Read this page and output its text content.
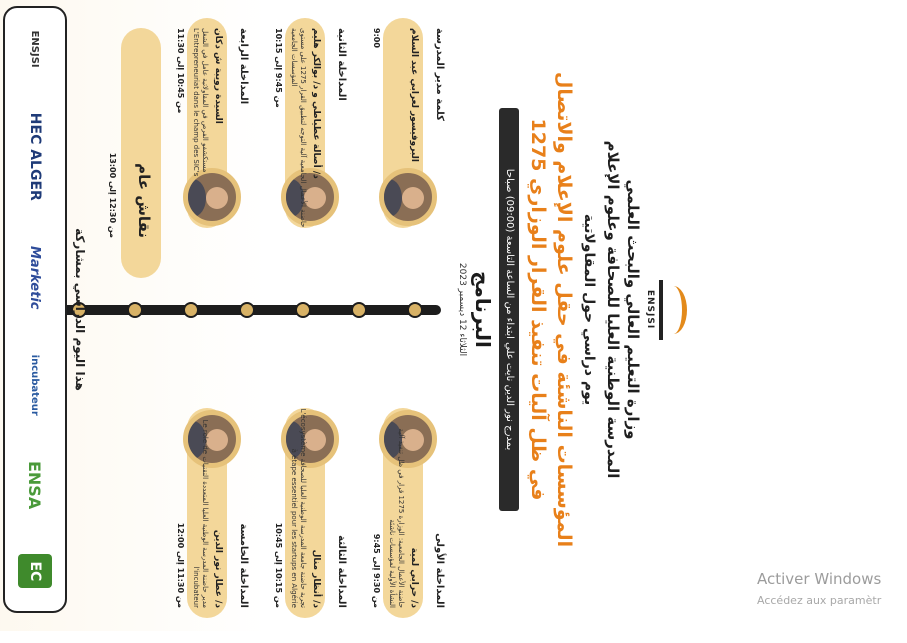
ENSJSI
وزارة التعليم العالي والبحث العلمي
المدرسة الوطنية العليا للصحافة وعلوم الإعلام
يوم دراسي حول المقاولاتية
المؤسسات الناشئة في حقل علوم الإعلام والاتصال
في ظل آليات تنفيذ القرار الوزاري 1275
بمدرج نور الدين نايت علي ابتداء من الساعة التاسعة (09:00) صباحا
البرنامج
الثلاثاء 12 ديسمبر 2023
كلمة مدير المدرسة
البروفيسور لعرابي عبد السلام
9:00
المداخلة الأولى
د/ حرابي لمية
حاضنة الأعمال الجامعية: الوزارة 1275 قرار في ظل تنفيذ آلية النشأة الأولية لمؤسسات ناشئة
من 9:30 إلى 9:45
المداخلة الثانية
د/ أصالة عطياطي و د/ بوالكر هليم
حاضنة الأعمال الجامعية آلية التوجه لتطبيق القرار 1275 على مستوى المؤسسات الجامعية
من 9:45 إلى 10:15
المداخلة الثالثة
د/ أنظار منال
تجربة حاضنة جامعة المدرسة الوطنية العليا للصحافة L'écosystème à étape essentiel pour les startups en Algérie
من 10:15 إلى 10:45
المداخلة الرابعة
السيدة رويبة ش دكان
مستكشفو الفرص في المقاولاتية عامل في الشغل L'Entrepreneuriat dans le champ des SIC's
من 10:45 إلى 11:30
المداخلة الخامسة
د/ عطار نور الدين
مدير حاضنة المدرسة الوطنية العليا المتعددة التقنيات Le role de l'incubateur
من 11:30 إلى 12:00
نقاش عام
من 12:30 إلى 13:00
هذا اليوم الدراسي بمشاركة
ENSJSI
HEC ALGER
Marketic
incubateur
ENSA
EC	Activer Windows
Accédez aux paramètr
